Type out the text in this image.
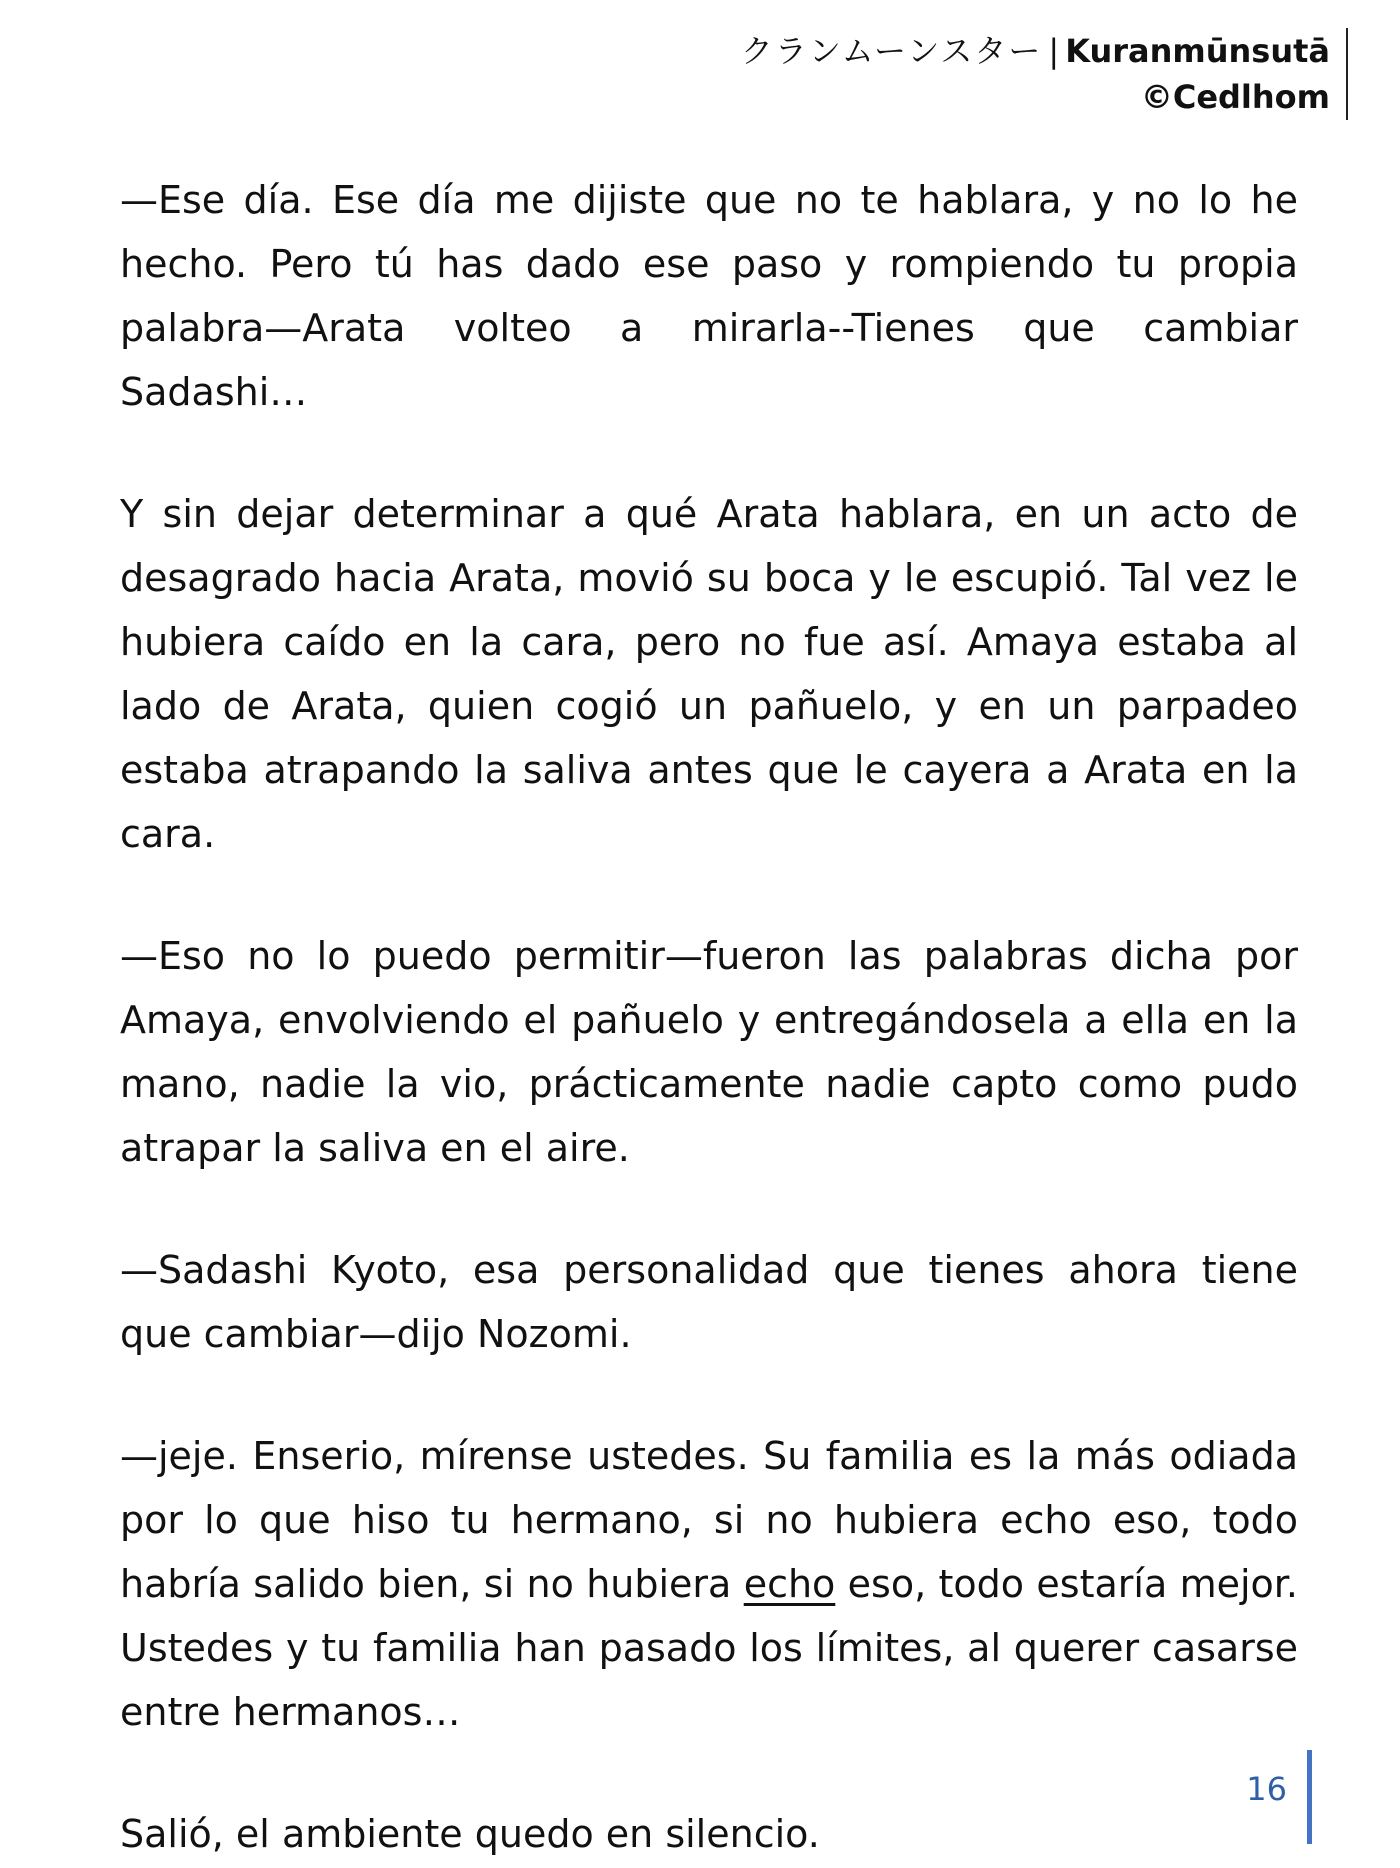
クランムーンスター | Kuranmūnsutā
©Cedlhom

—Ese día. Ese día me dijiste que no te hablara, y no lo he hecho. Pero tú has dado ese paso y rompiendo tu propia palabra—Arata volteo a mirarla--Tienes que cambiar Sadashi…

Y sin dejar determinar a qué Arata hablara, en un acto de desagrado hacia Arata, movió su boca y le escupió. Tal vez le hubiera caído en la cara, pero no fue así. Amaya estaba al lado de Arata, quien cogió un pañuelo, y en un parpadeo estaba atrapando la saliva antes que le cayera a Arata en la cara.

—Eso no lo puedo permitir—fueron las palabras dicha por Amaya, envolviendo el pañuelo y entregándosela a ella en la mano, nadie la vio, prácticamente nadie capto como pudo atrapar la saliva en el aire.

—Sadashi Kyoto, esa personalidad que tienes ahora tiene que cambiar—dijo Nozomi.

—jeje. Enserio, mírense ustedes. Su familia es la más odiada por lo que hiso tu hermano, si no hubiera echo eso, todo habría salido bien, si no hubiera echo eso, todo estaría mejor. Ustedes y tu familia han pasado los límites, al querer casarse entre hermanos…

Salió, el ambiente quedo en silencio.

16
